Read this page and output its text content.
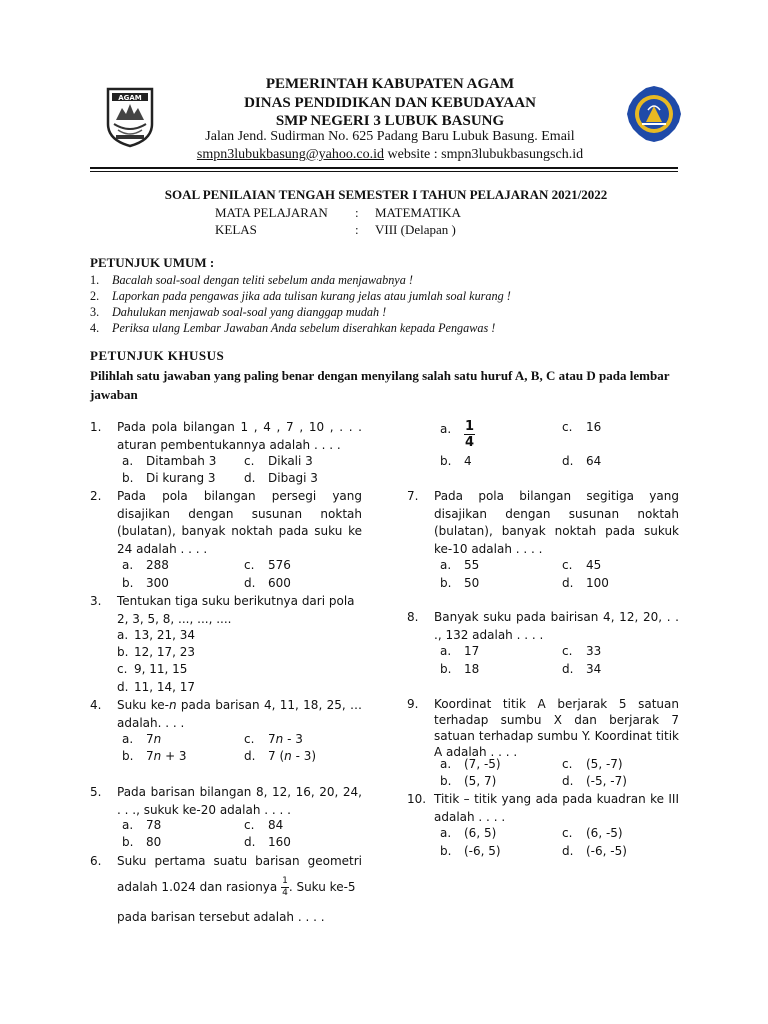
AGAM
PEMERINTAH KABUPATEN AGAM
DINAS PENDIDIKAN DAN KEBUDAYAAN
SMP NEGERI 3 LUBUK BASUNG
Jalan Jend. Sudirman No. 625 Padang Baru Lubuk Basung. Email
smpn3lubukbasung@yahoo.co.id website : smpn3lubukbasungsch.id
SOAL PENILAIAN TENGAH SEMESTER I TAHUN PELAJARAN 2021/2022
MATA PELAJARAN : MATEMATIKA
KELAS	: VIII (Delapan )
PETUNJUK UMUM :
1. Bacalah soal-soal dengan teliti sebelum anda menjawabnya !
2. Laporkan pada pengawas jika ada tulisan kurang jelas atau jumlah soal kurang !
3. Dahulukan menjawab soal-soal yang dianggap mudah !
4. Periksa ulang Lembar Jawaban Anda sebelum diserahkan kepada Pengawas !
PETUNJUK KHUSUS
Pilihlah satu jawaban yang paling benar dengan menyilang salah satu huruf A, B, C atau D pada lembar jawaban
1. Pada pola bilangan 1 , 4 , 7 , 10 , . . . aturan pembentukannya adalah . . . .
a. Ditambah 3 c. Dikali 3
b. Di kurang 3 d. Dibagi 3
2. Pada pola bilangan persegi yang disajikan dengan susunan noktah (bulatan), banyak noktah pada suku ke 24 adalah . . . .
a. 288	c. 576
b. 300	d. 600
3. Tentukan tiga suku berikutnya dari pola 2, 3, 5, 8, ..., ..., ....
a. 13, 21, 34
b. 12, 17, 23
c. 9, 11, 15
d. 11, 14, 17
4. Suku ke-n pada barisan 4, 11, 18, 25, … adalah. . . .
a. 7n	c. 7n - 3
b. 7n + 3	d. 7 (n - 3)
5. Pada barisan bilangan 8, 12, 16, 20, 24, . . ., sukuk ke-20 adalah . . . .
a. 78	c. 84
b. 80	d. 160
6. Suku pertama suatu barisan geometri
adalah 1.024 dan rasionya $\frac{1}{4}$ . Suku ke-5
pada barisan tersebut adalah . . . .
a. $\frac{1}{4}$	c. 16
b. 4	d. 64
7. Pada pola bilangan segitiga yang disajikan dengan susunan noktah (bulatan), banyak noktah pada sukuk ke-10 adalah . . . .
a. 55	c. 45
b. 50	d. 100
8. Banyak suku pada bairisan 4, 12, 20, . . ., 132 adalah . . . .
a. 17	c. 33
b. 18	d. 34
9. Koordinat titik A berjarak 5 satuan terhadap sumbu X dan berjarak 7 satuan terhadap sumbu Y. Koordinat titik A adalah . . . .
a. (7, -5)	c. (5, -7)
b. (5, 7)	d. (-5, -7)
10. Titik – titik yang ada pada kuadran ke III adalah . . . .
a. (6, 5)	c. (6, -5)
b. (-6, 5)	d. (-6, -5)
